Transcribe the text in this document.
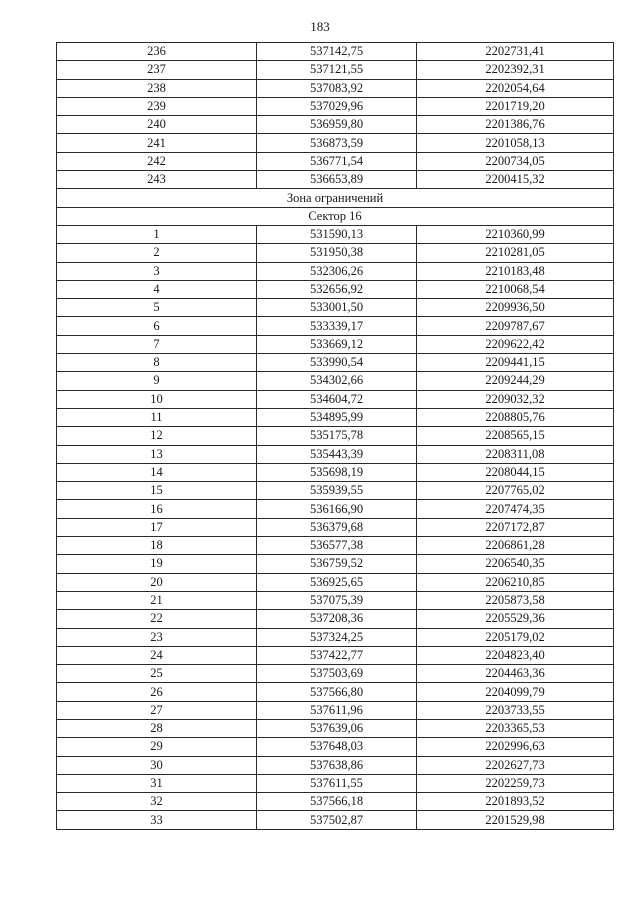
183
236	537142,75	2202731,41
237	537121,55	2202392,31
238	537083,92	2202054,64
239	537029,96	2201719,20
240	536959,80	2201386,76
241	536873,59	2201058,13
242	536771,54	2200734,05
243	536653,89	2200415,32
Зона ограничений		
Сектор 16		
1	531590,13	2210360,99
2	531950,38	2210281,05
3	532306,26	2210183,48
4	532656,92	2210068,54
5	533001,50	2209936,50
6	533339,17	2209787,67
7	533669,12	2209622,42
8	533990,54	2209441,15
9	534302,66	2209244,29
10	534604,72	2209032,32
11	534895,99	2208805,76
12	535175,78	2208565,15
13	535443,39	2208311,08
14	535698,19	2208044,15
15	535939,55	2207765,02
16	536166,90	2207474,35
17	536379,68	2207172,87
18	536577,38	2206861,28
19	536759,52	2206540,35
20	536925,65	2206210,85
21	537075,39	2205873,58
22	537208,36	2205529,36
23	537324,25	2205179,02
24	537422,77	2204823,40
25	537503,69	2204463,36
26	537566,80	2204099,79
27	537611,96	2203733,55
28	537639,06	2203365,53
29	537648,03	2202996,63
30	537638,86	2202627,73
31	537611,55	2202259,73
32	537566,18	2201893,52
33	537502,87	2201529,98
